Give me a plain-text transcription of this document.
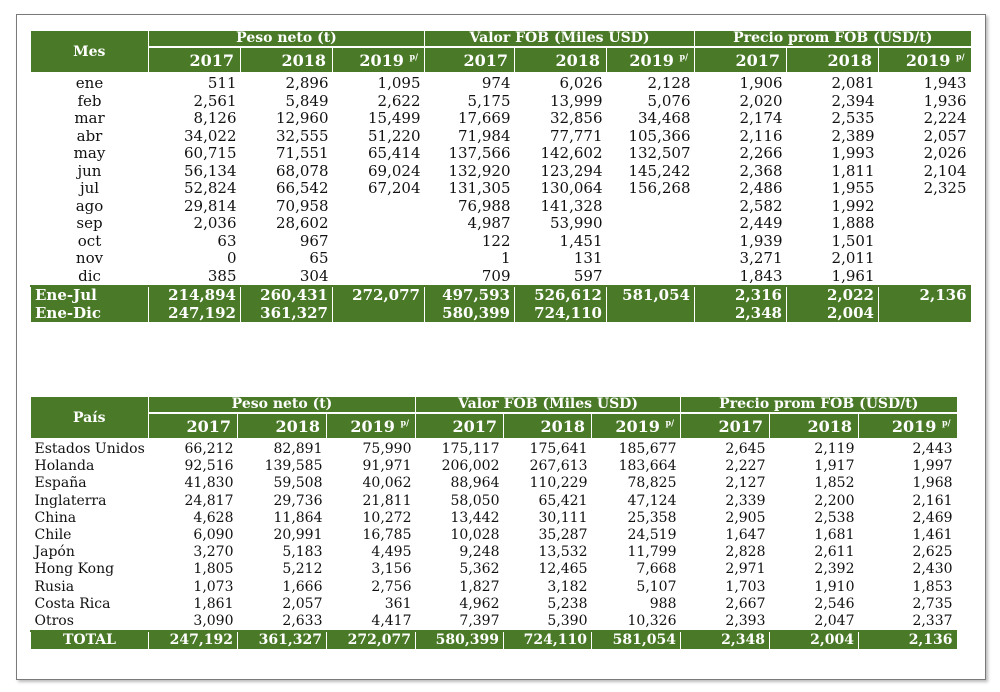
Mes	Peso neto (t)			Valor FOB (Miles USD)			Precio prom FOB (USD/t)		
	2017	2018	2019 $^{p/}$	2017	2018	2019 $^{p/}$	2017	2018	2019 $^{p/}$
ene	511	2,896	1,095	974	6,026	2,128	1,906	2,081	1,943
feb	2,561	5,849	2,622	5,175	13,999	5,076	2,020	2,394	1,936
mar	8,126	12,960	15,499	17,669	32,856	34,468	2,174	2,535	2,224
abr	34,022	32,555	51,220	71,984	77,771	105,366	2,116	2,389	2,057
may	60,715	71,551	65,414	137,566	142,602	132,507	2,266	1,993	2,026
jun	56,134	68,078	69,024	132,920	123,294	145,242	2,368	1,811	2,104
jul	52,824	66,542	67,204	131,305	130,064	156,268	2,486	1,955	2,325
ago	29,814	70,958		76,988	141,328		2,582	1,992	
sep	2,036	28,602		4,987	53,990		2,449	1,888	
oct	63	967		122	1,451		1,939	1,501	
nov	0	65		1	131		3,271	2,011	
dic	385	304		709	597		1,843	1,961	
Ene-Jul	214,894	260,431	272,077	497,593	526,612	581,054	2,316	2,022	2,136
Ene-Dic	247,192	361,327		580,399	724,110		2,348	2,004	
País	Peso neto (t)			Valor FOB (Miles USD)			Precio prom FOB (USD/t)		
	2017	2018	2019 $^{p/}$	2017	2018	2019 $^{p/}$	2017	2018	2019 $^{p/}$
Estados Unidos	66,212	82,891	75,990	175,117	175,641	185,677	2,645	2,119	2,443
Holanda	92,516	139,585	91,971	206,002	267,613	183,664	2,227	1,917	1,997
España	41,830	59,508	40,062	88,964	110,229	78,825	2,127	1,852	1,968
Inglaterra	24,817	29,736	21,811	58,050	65,421	47,124	2,339	2,200	2,161
China	4,628	11,864	10,272	13,442	30,111	25,358	2,905	2,538	2,469
Chile	6,090	20,991	16,785	10,028	35,287	24,519	1,647	1,681	1,461
Japón	3,270	5,183	4,495	9,248	13,532	11,799	2,828	2,611	2,625
Hong Kong	1,805	5,212	3,156	5,362	12,465	7,668	2,971	2,392	2,430
Rusia	1,073	1,666	2,756	1,827	3,182	5,107	1,703	1,910	1,853
Costa Rica	1,861	2,057	361	4,962	5,238	988	2,667	2,546	2,735
Otros	3,090	2,633	4,417	7,397	5,390	10,326	2,393	2,047	2,337
TOTAL	247,192	361,327	272,077	580,399	724,110	581,054	2,348	2,004	2,136
